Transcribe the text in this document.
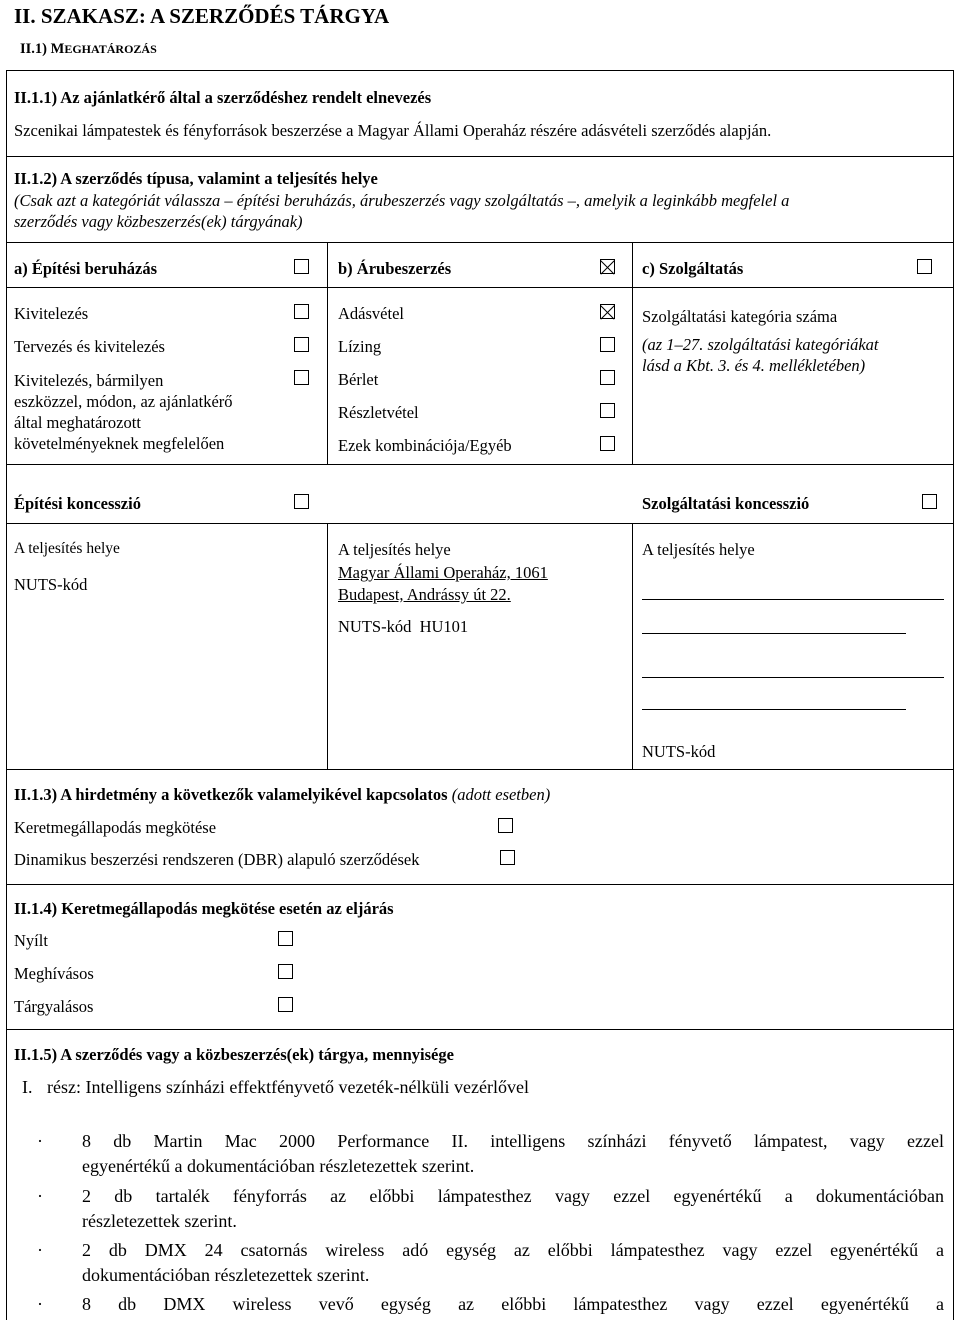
II. SZAKASZ: A SZERZŐDÉS TÁRGYA
II.1) MEGHATÁROZÁS
II.1.1) Az ajánlatkérő által a szerződéshez rendelt elnevezés
Szcenikai lámpatestek és fényforrások beszerzése a Magyar Állami Operaház részére adásvételi szerződés alapján.
II.1.2) A szerződés típusa, valamint a teljesítés helye
(Csak azt a kategóriát válassza – építési beruházás, árubeszerzés vagy szolgáltatás –, amelyik a leginkább megfelel a
szerződés vagy közbeszerzés(ek) tárgyának)
a) Építési beruházás	b) Árubeszerzés	c) Szolgáltatás
Kivitelezés
Tervezés és kivitelezés
Kivitelezés, bármilyen
eszközzel, módon, az ajánlatkérő
által meghatározott
követelményeknek megfelelően
Adásvétel
Lízing
Bérlet
Részletvétel
Ezek kombinációja/Egyéb
Szolgáltatási kategória száma
(az 1–27. szolgáltatási kategóriákat
lásd a Kbt. 3. és 4. mellékletében)
Építési koncesszió	Szolgáltatási koncesszió
A teljesítés helye
NUTS-kód
A teljesítés helye
Magyar Állami Operaház, 1061
Budapest, Andrássy út 22.
NUTS-kód  HU101
A teljesítés helye
NUTS-kód
II.1.3) A hirdetmény a következők valamelyikével kapcsolatos (adott esetben)
Keretmegállapodás megkötése
Dinamikus beszerzési rendszeren (DBR) alapuló szerződések
II.1.4) Keretmegállapodás megkötése esetén az eljárás
Nyílt
Meghívásos
Tárgyalásos
II.1.5) A szerződés vagy a közbeszerzés(ek) tárgya, mennyisége
I. rész: Intelligens színházi effektfényvető vezeték-nélküli vezérlővel
· 8 db Martin Mac 2000 Performance II. intelligens színházi fényvető lámpatest, vagy ezzel
egyenértékű a dokumentációban részletezettek szerint.
· 2 db tartalék fényforrás az előbbi lámpatesthez vagy ezzel egyenértékű a dokumentációban
részletezettek szerint.
· 2 db DMX 24 csatornás wireless adó egység az előbbi lámpatesthez vagy ezzel egyenértékű a
dokumentációban részletezettek szerint.
· 8 db DMX wireless vevő egység az előbbi lámpatesthez vagy ezzel egyenértékű a
